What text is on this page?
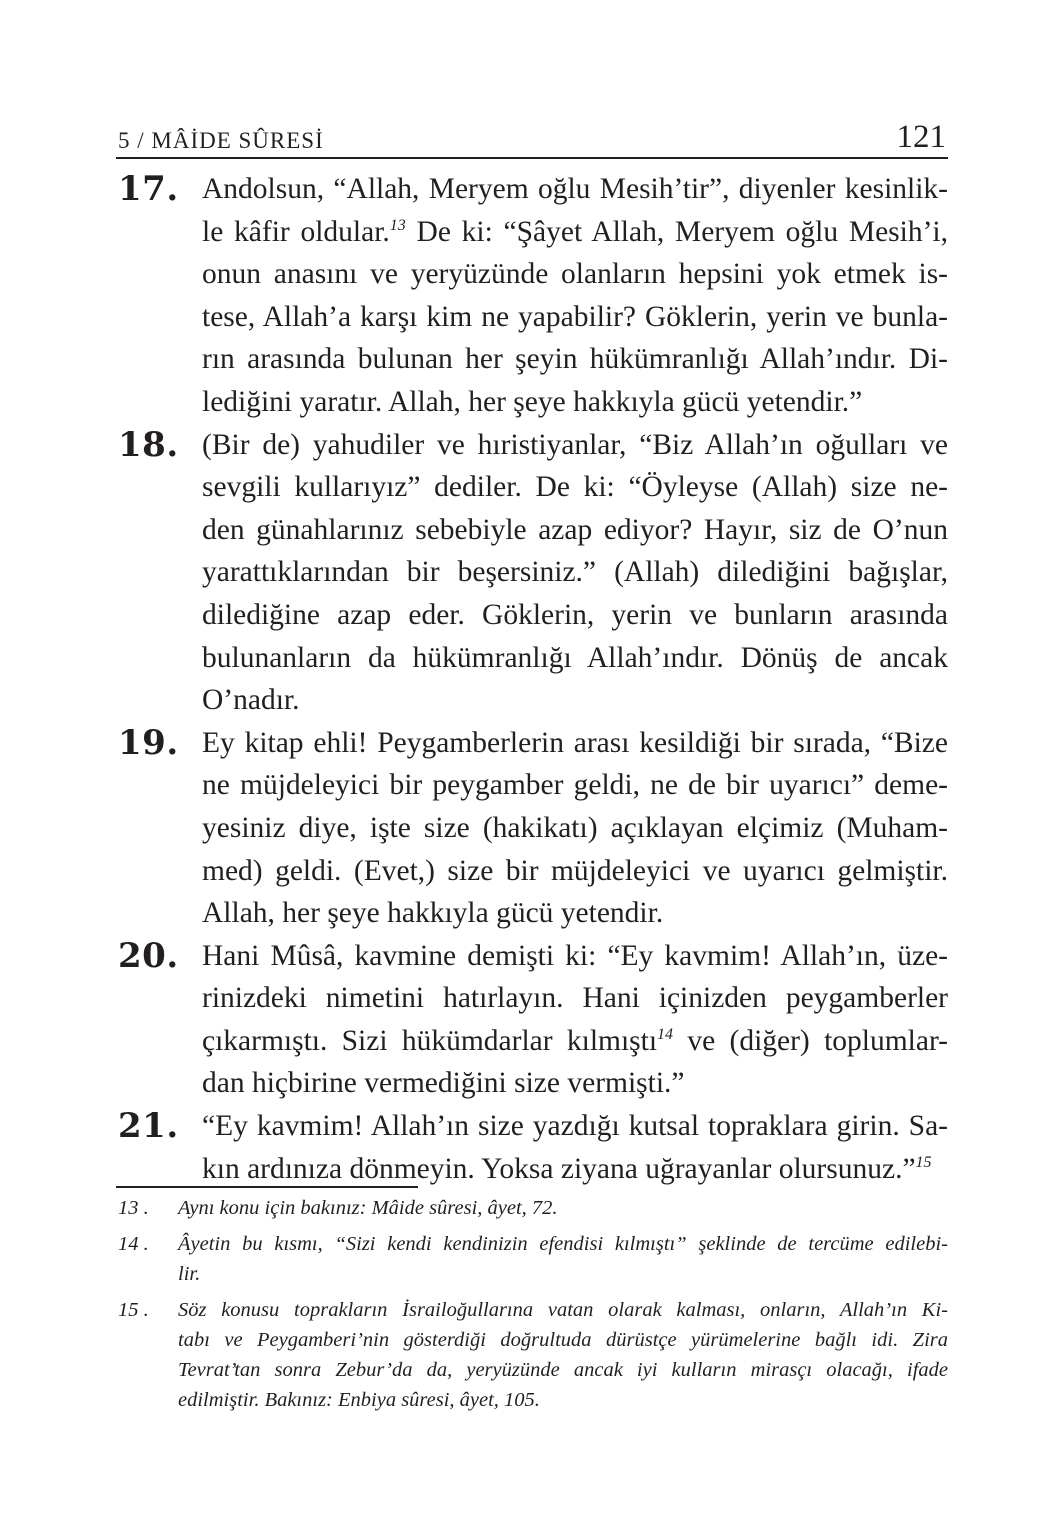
5 / MÂİDE SÛRESİ	121
17. Andolsun, “Allah, Meryem oğlu Mesih’tir”, diyenler kesinlik-
le kâfir oldular.$^{13}$ De ki: “Şâyet Allah, Meryem oğlu Mesih’i,
onun anasını ve yeryüzünde olanların hepsini yok etmek is-
tese, Allah’a karşı kim ne yapabilir? Göklerin, yerin ve bunla-
rın arasında bulunan her şeyin hükümranlığı Allah’ındır. Di-
lediğini yaratır. Allah, her şeye hakkıyla gücü yetendir.”
18. (Bir de) yahudiler ve hıristiyanlar, “Biz Allah’ın oğulları ve
sevgili kullarıyız” dediler. De ki: “Öyleyse (Allah) size ne-
den günahlarınız sebebiyle azap ediyor? Hayır, siz de O’nun
yarattıklarından bir beşersiniz.” (Allah) dilediğini bağışlar,
dilediğine azap eder. Göklerin, yerin ve bunların arasında
bulunanların da hükümranlığı Allah’ındır. Dönüş de ancak
O’nadır.
19. Ey kitap ehli! Peygamberlerin arası kesildiği bir sırada, “Bize
ne müjdeleyici bir peygamber geldi, ne de bir uyarıcı” deme-
yesiniz diye, işte size (hakikatı) açıklayan elçimiz (Muham-
med) geldi. (Evet,) size bir müjdeleyici ve uyarıcı gelmiştir.
Allah, her şeye hakkıyla gücü yetendir.
20. Hani Mûsâ, kavmine demişti ki: “Ey kavmim! Allah’ın, üze-
rinizdeki nimetini hatırlayın. Hani içinizden peygamberler
çıkarmıştı. Sizi hükümdarlar kılmıştı$^{14}$ ve (diğer) toplumlar-
dan hiçbirine vermediğini size vermişti.”
21. “Ey kavmim! Allah’ın size yazdığı kutsal topraklara girin. Sa-
kın ardınıza dönmeyin. Yoksa ziyana uğrayanlar olursunuz.”$^{15}$
13 . Aynı konu için bakınız: Mâide sûresi, âyet, 72.
14 . Âyetin bu kısmı, “Sizi kendi kendinizin efendisi kılmıştı” şeklinde de tercüme edilebi-
lir.
15 . Söz konusu toprakların İsrailoğullarına vatan olarak kalması, onların, Allah’ın Ki-
tabı ve Peygamberi’nin gösterdiği doğrultuda dürüstçe yürümelerine bağlı idi. Zira
Tevrat’tan sonra Zebur’da da, yeryüzünde ancak iyi kulların mirasçı olacağı, ifade
edilmiştir. Bakınız: Enbiya sûresi, âyet, 105.
